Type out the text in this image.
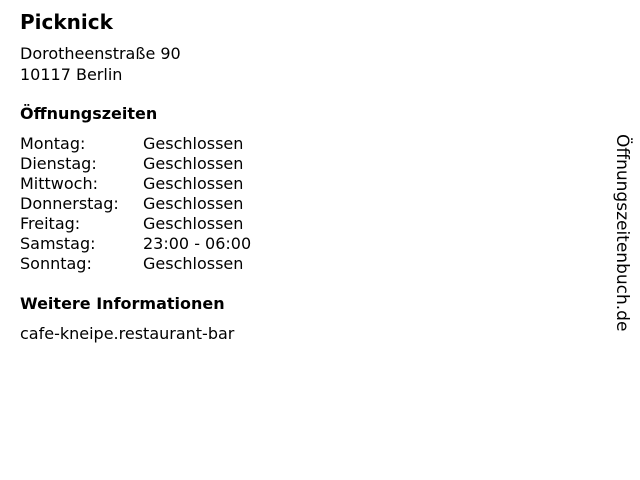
Picknick
Dorotheenstraße 90
10117 Berlin
Öffnungszeiten
Montag:	Geschlossen
Dienstag:	Geschlossen
Mittwoch:	Geschlossen
Donnerstag:	Geschlossen
Freitag:	Geschlossen
Samstag:	23:00 - 06:00
Sonntag:	Geschlossen
Weitere Informationen
cafe-kneipe.restaurant-bar
Öffnungszeitenbuch.de
